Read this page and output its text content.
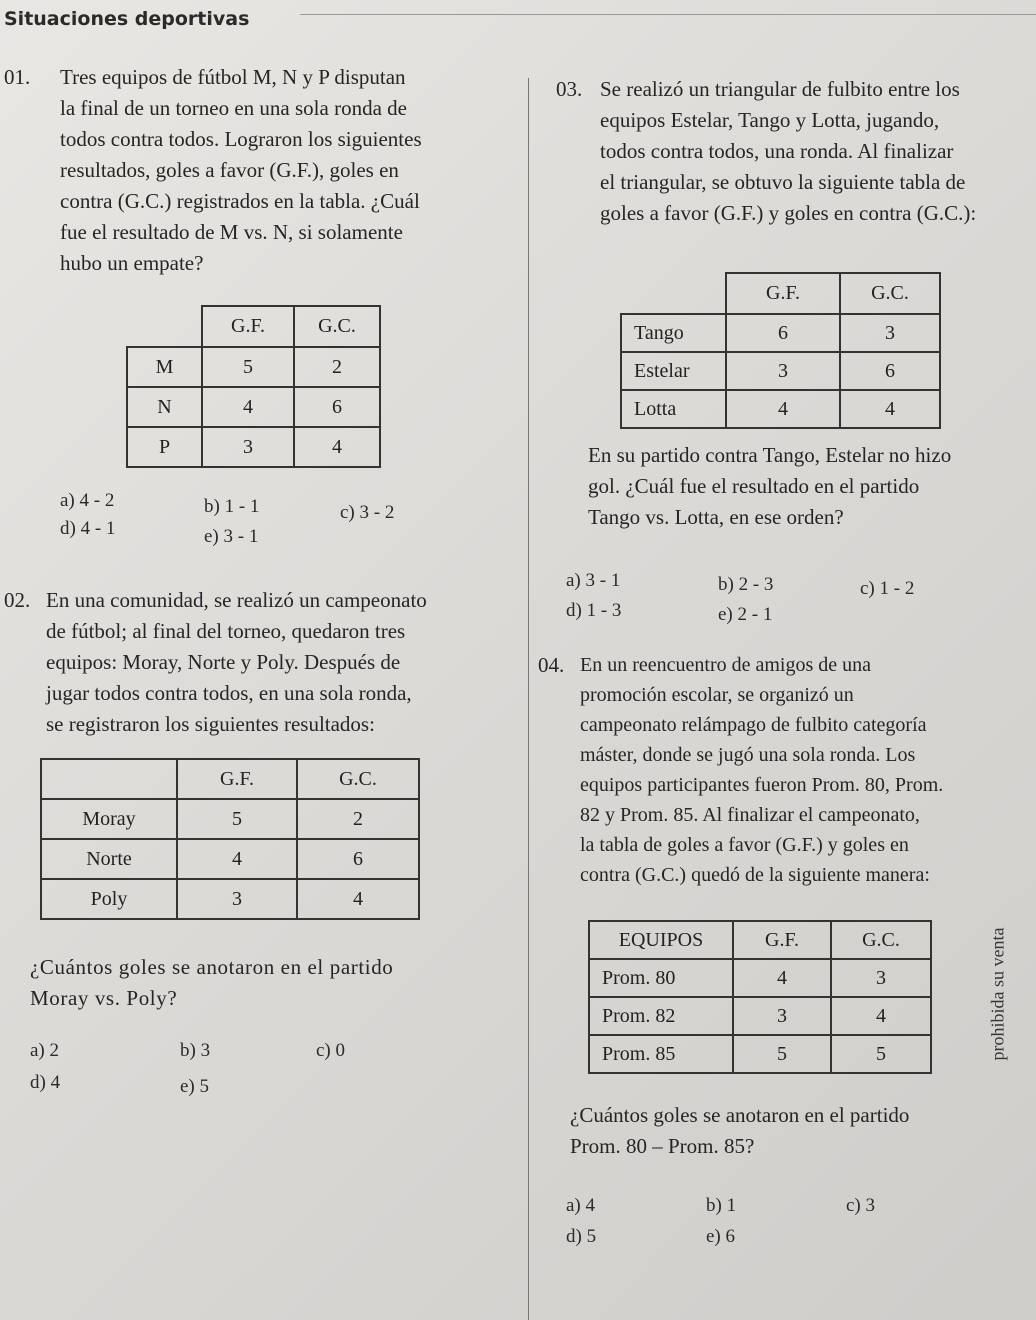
Situaciones deportivas
01. Tres equipos de fútbol M, N y P disputan

la final de un torneo en una sola ronda de

todos contra todos. Lograron los siguientes

resultados, goles a favor (G.F.), goles en

contra (G.C.) registrados en la tabla. ¿Cuál

fue el resultado de M vs. N, si solamente

hubo un empate?

	G.F.	G.C.
M	5	2
N	4	6
P	3	4
a) 4 - 2	b) 1 - 1	c) 3 - 2
d) 4 - 1	e) 3 - 1
02. En una comunidad, se realizó un campeonato

de fútbol; al final del torneo, quedaron tres

equipos: Moray, Norte y Poly. Después de

jugar todos contra todos, en una sola ronda,

se registraron los siguientes resultados:

	G.F.	G.C.
Moray	5	2
Norte	4	6
Poly	3	4

¿Cuántos goles se anotaron en el partido

Moray vs. Poly?

a) 2	b) 3	c) 0
d) 4	e) 5
03. Se realizó un triangular de fulbito entre los

equipos Estelar, Tango y Lotta, jugando,

todos contra todos, una ronda. Al finalizar

el triangular, se obtuvo la siguiente tabla de

goles a favor (G.F.) y goles en contra (G.C.):

	G.F.	G.C.
Tango	6	3
Estelar	3	6
Lotta	4	4

En su partido contra Tango, Estelar no hizo

gol. ¿Cuál fue el resultado en el partido

Tango vs. Lotta, en ese orden?

a) 3 - 1	b) 2 - 3	c) 1 - 2
d) 1 - 3	e) 2 - 1
04. En un reencuentro de amigos de una

promoción escolar, se organizó un

campeonato relámpago de fulbito categoría

máster, donde se jugó una sola ronda. Los

equipos participantes fueron Prom. 80, Prom.

82 y Prom. 85. Al finalizar el campeonato,

la tabla de goles a favor (G.F.) y goles en

contra (G.C.) quedó de la siguiente manera:

EQUIPOS	G.F.	G.C.
Prom. 80	4	3
Prom. 82	3	4
Prom. 85	5	5

¿Cuántos goles se anotaron en el partido

Prom. 80 – Prom. 85?

a) 4	b) 1	c) 3
d) 5	e) 6
prohibida su venta
